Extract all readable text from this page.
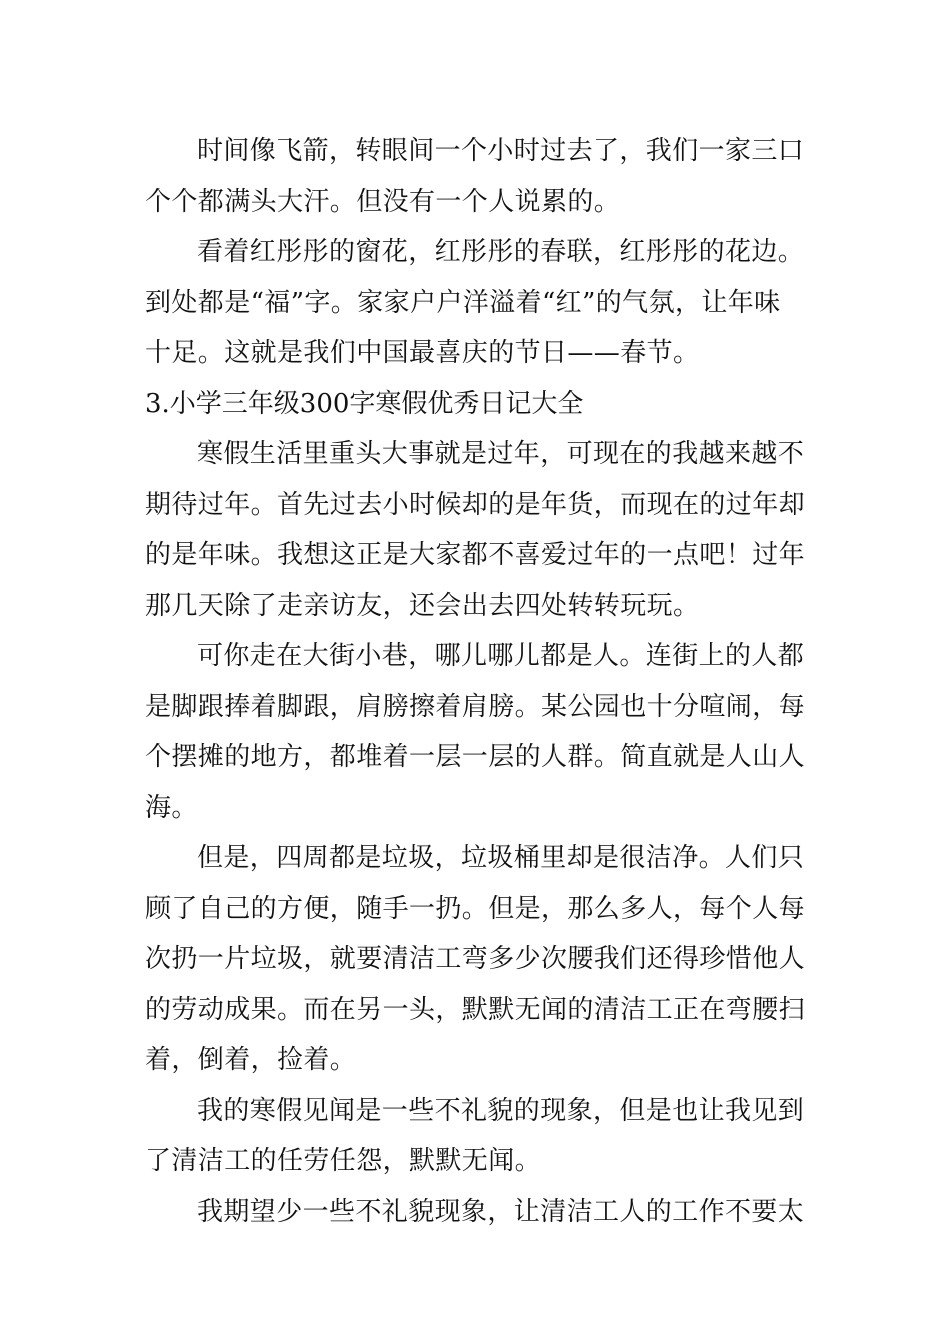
时间像飞箭，转眼间一个小时过去了，我们一家三口个个都满头大汗。但没有一个人说累的。

看着红彤彤的窗花，红彤彤的春联，红彤彤的花边。到处都是“福”字。家家户户洋溢着“红”的气氛，让年味十足。这就是我们中国最喜庆的节日——春节。

3.小学三年级300字寒假优秀日记大全

寒假生活里重头大事就是过年，可现在的我越来越不期待过年。首先过去小时候却的是年货，而现在的过年却的是年味。我想这正是大家都不喜爱过年的一点吧！过年那几天除了走亲访友，还会出去四处转转玩玩。

可你走在大街小巷，哪儿哪儿都是人。连街上的人都是脚跟捧着脚跟，肩膀擦着肩膀。某公园也十分喧闹，每个摆摊的地方，都堆着一层一层的人群。简直就是人山人海。

但是，四周都是垃圾，垃圾桶里却是很洁净。人们只顾了自己的方便，随手一扔。但是，那么多人，每个人每次扔一片垃圾，就要清洁工弯多少次腰我们还得珍惜他人的劳动成果。而在另一头，默默无闻的清洁工正在弯腰扫着，倒着，捡着。

我的寒假见闻是一些不礼貌的现象，但是也让我见到了清洁工的任劳任怨，默默无闻。

我期望少一些不礼貌现象，让清洁工人的工作不要太
